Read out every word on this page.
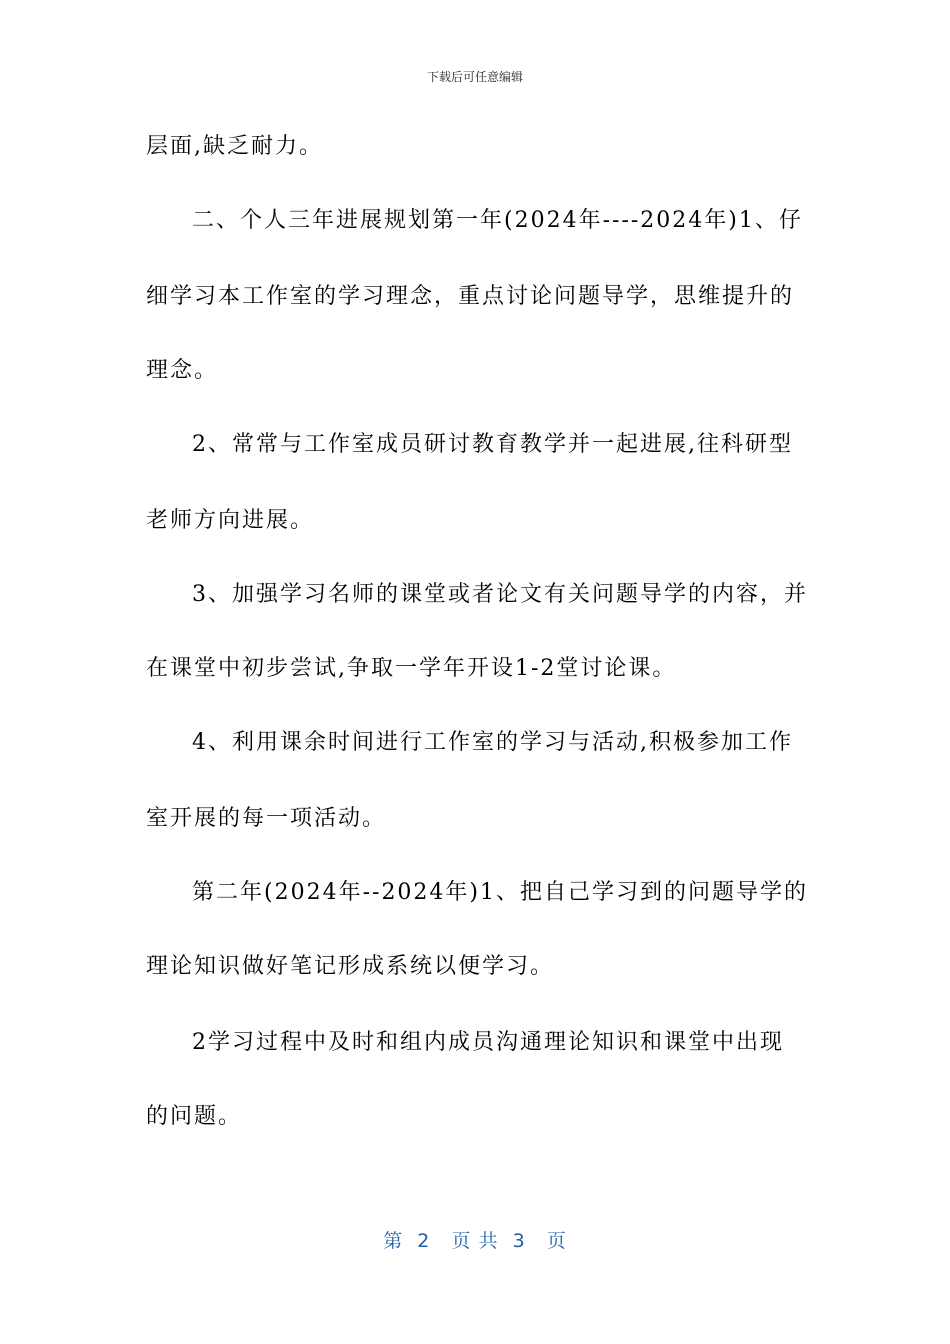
下载后可任意编辑
层面,缺乏耐力。
二、个人三年进展规划第一年(2024年----2024年)1、仔
细学习本工作室的学习理念，重点讨论问题导学，思维提升的
理念。
2、常常与工作室成员研讨教育教学并一起进展,往科研型
老师方向进展。
3、加强学习名师的课堂或者论文有关问题导学的内容，并
在课堂中初步尝试,争取一学年开设1-2堂讨论课。
4、利用课余时间进行工作室的学习与活动,积极参加工作
室开展的每一项活动。
第二年(2024年--2024年)1、把自己学习到的问题导学的
理论知识做好笔记形成系统以便学习。
2学习过程中及时和组内成员沟通理论知识和课堂中出现
的问题。
第  2   页 共  3   页
